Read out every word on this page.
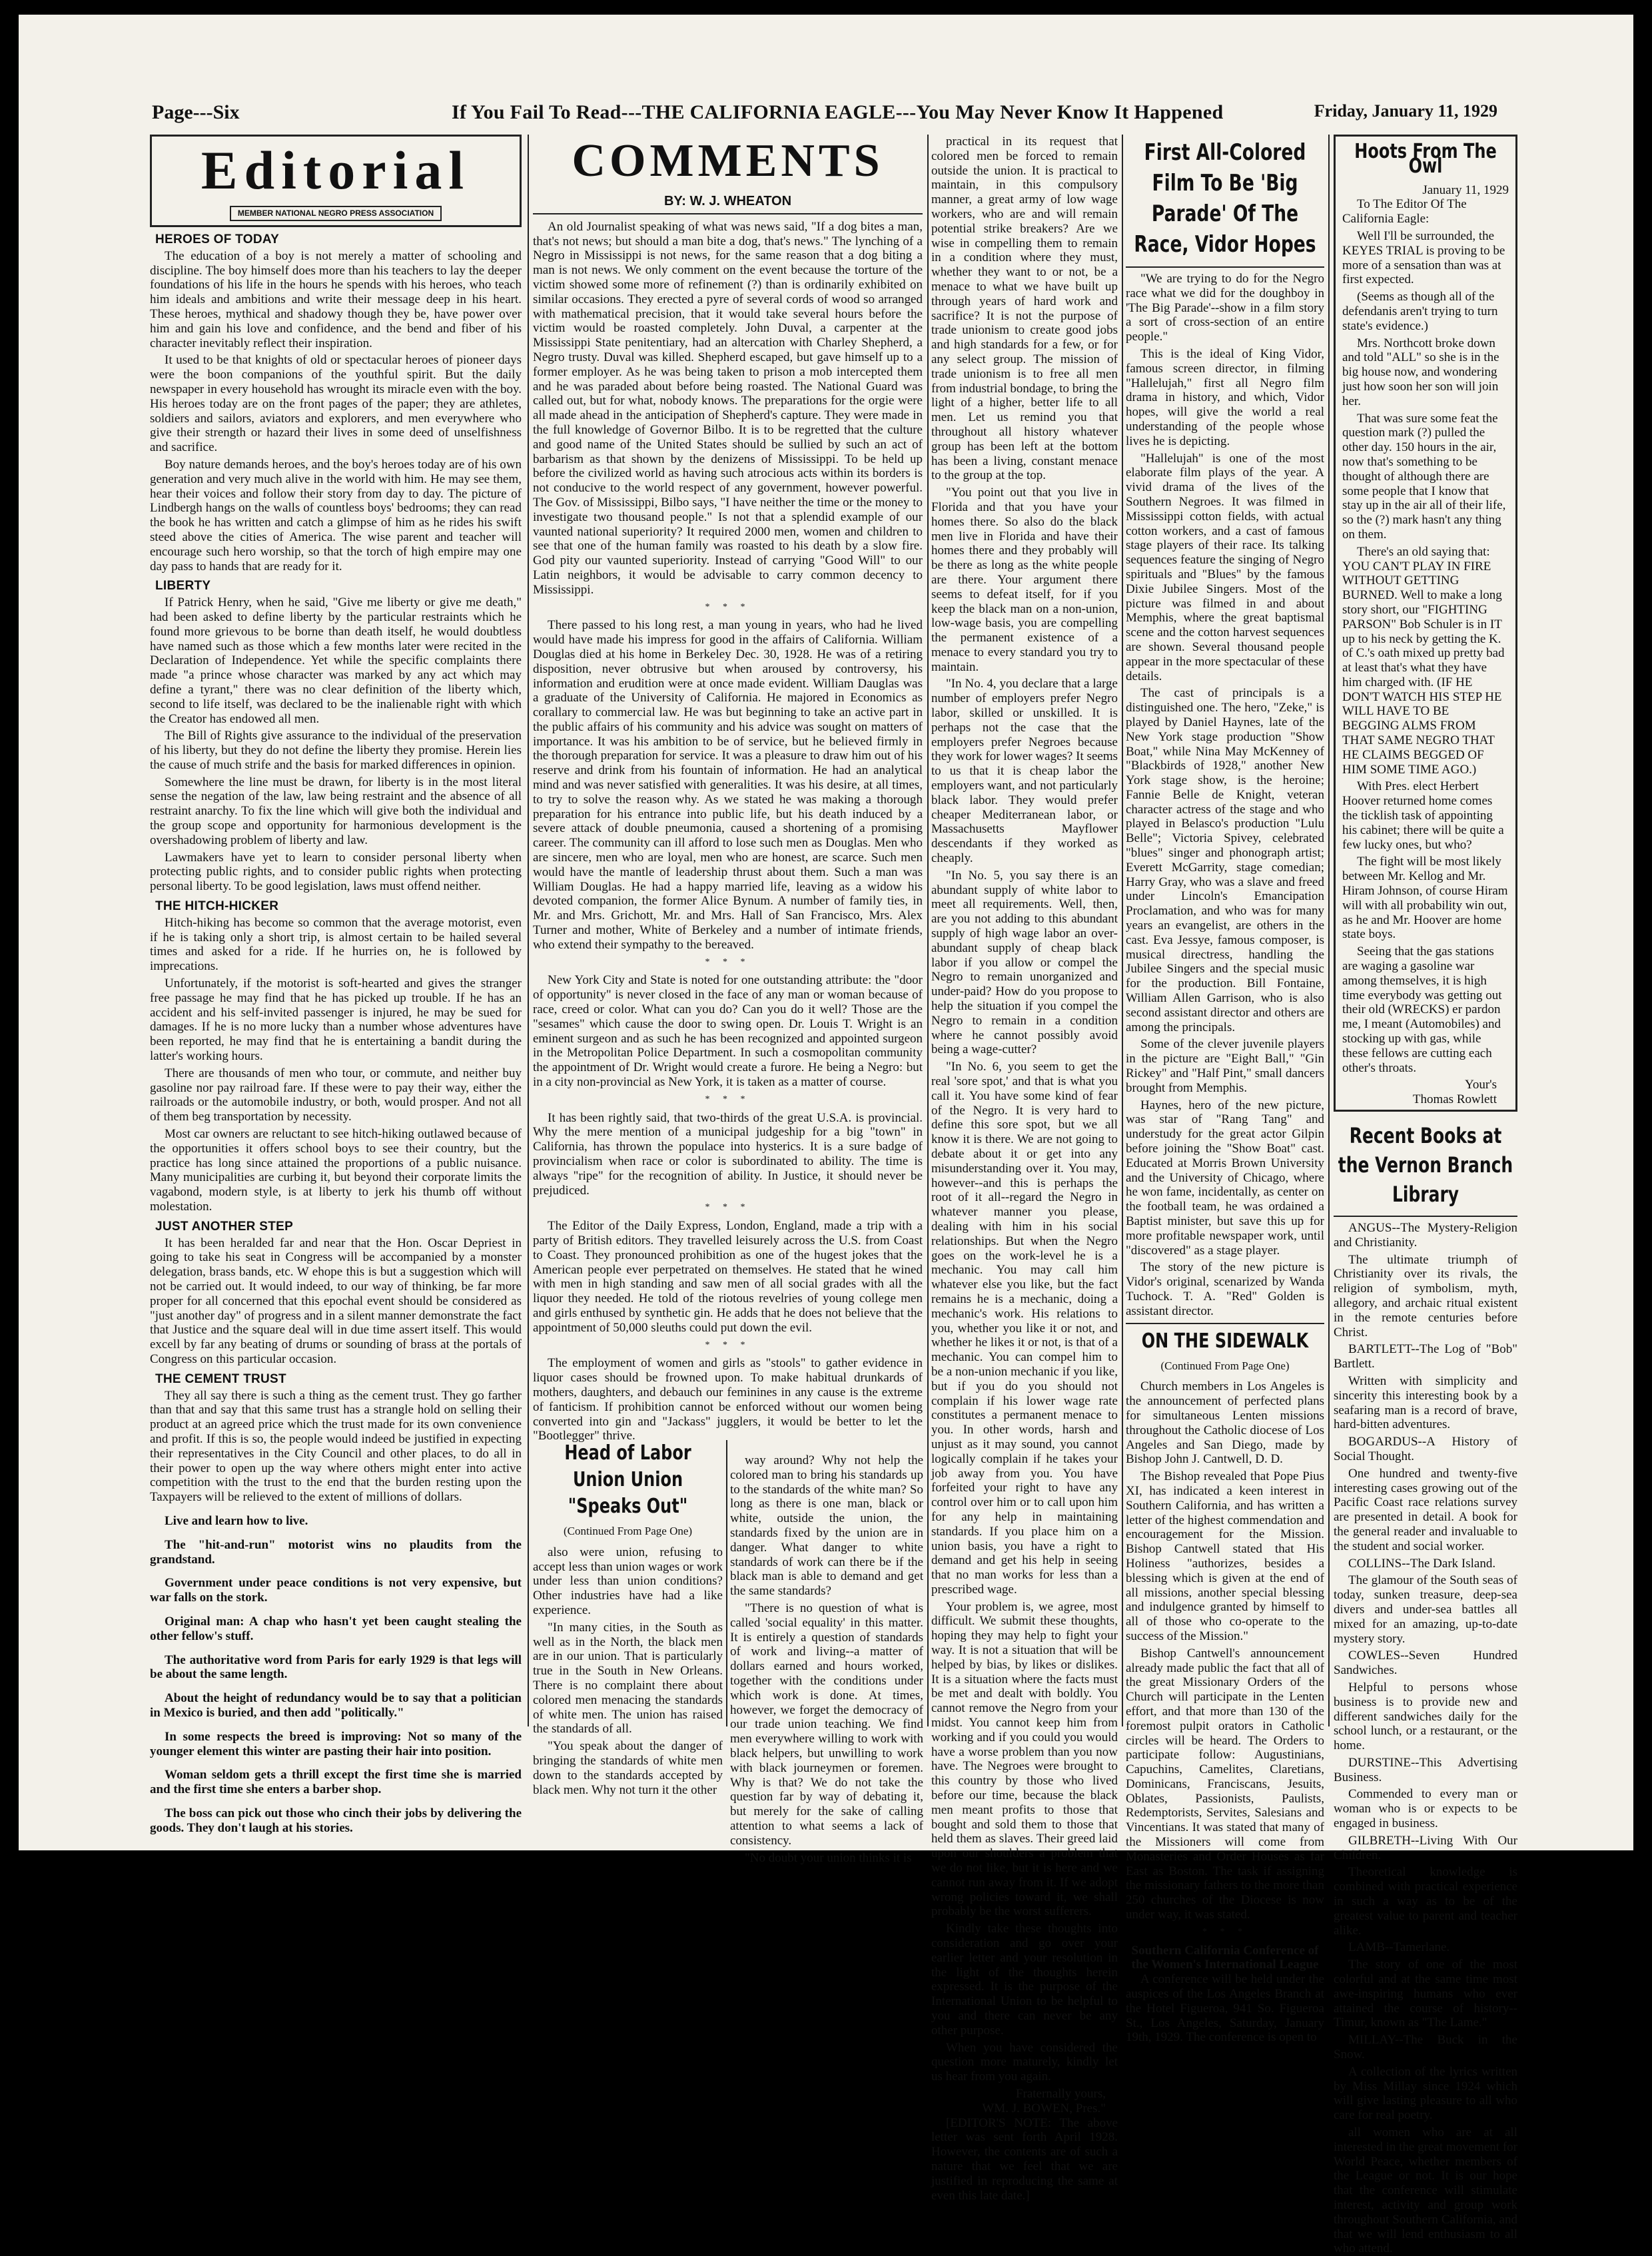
Page---Six	If You Fail To Read---THE CALIFORNIA EAGLE---You May Never Know It Happened	Friday, January 11, 1929
Editorial
MEMBER NATIONAL NEGRO PRESS ASSOCIATION
HEROES OF TODAY

The education of a boy is not merely a matter of schooling and discipline. The boy himself does more than his teachers to lay the deeper foundations of his life in the hours he spends with his heroes, who teach him ideals and ambitions and write their message deep in his heart. These heroes, mythical and shadowy though they be, have power over him and gain his love and confidence, and the bend and fiber of his character inevitably reflect their inspiration.

It used to be that knights of old or spectacular heroes of pioneer days were the boon companions of the youthful spirit. But the daily newspaper in every household has wrought its miracle even with the boy. His heroes today are on the front pages of the paper; they are athletes, soldiers and sailors, aviators and explorers, and men everywhere who give their strength or hazard their lives in some deed of unselfishness and sacrifice.

Boy nature demands heroes, and the boy's heroes today are of his own generation and very much alive in the world with him. He may see them, hear their voices and follow their story from day to day. The picture of Lindbergh hangs on the walls of countless boys' bedrooms; they can read the book he has written and catch a glimpse of him as he rides his swift steed above the cities of America. The wise parent and teacher will encourage such hero worship, so that the torch of high empire may one day pass to hands that are ready for it.

LIBERTY

If Patrick Henry, when he said, "Give me liberty or give me death," had been asked to define liberty by the particular restraints which he found more grievous to be borne than death itself, he would doubtless have named such as those which a few months later were recited in the Declaration of Independence. Yet while the specific complaints there made "a prince whose character was marked by any act which may define a tyrant," there was no clear definition of the liberty which, second to life itself, was declared to be the inalienable right with which the Creator has endowed all men.

The Bill of Rights give assurance to the individual of the preservation of his liberty, but they do not define the liberty they promise. Herein lies the cause of much strife and the basis for marked differences in opinion.

Somewhere the line must be drawn, for liberty is in the most literal sense the negation of the law, law being restraint and the absence of all restraint anarchy. To fix the line which will give both the individual and the group scope and opportunity for harmonious development is the overshadowing problem of liberty and law.

Lawmakers have yet to learn to consider personal liberty when protecting public rights, and to consider public rights when protecting personal liberty. To be good legislation, laws must offend neither.

THE HITCH-HICKER

Hitch-hiking has become so common that the average motorist, even if he is taking only a short trip, is almost certain to be hailed several times and asked for a ride. If he hurries on, he is followed by imprecations.

Unfortunately, if the motorist is soft-hearted and gives the stranger free passage he may find that he has picked up trouble. If he has an accident and his self-invited passenger is injured, he may be sued for damages. If he is no more lucky than a number whose adventures have been reported, he may find that he is entertaining a bandit during the latter's working hours.

There are thousands of men who tour, or commute, and neither buy gasoline nor pay railroad fare. If these were to pay their way, either the railroads or the automobile industry, or both, would prosper. And not all of them beg transportation by necessity.

Most car owners are reluctant to see hitch-hiking outlawed because of the opportunities it offers school boys to see their country, but the practice has long since attained the proportions of a public nuisance. Many municipalities are curbing it, but beyond their corporate limits the vagabond, modern style, is at liberty to jerk his thumb off without molestation.

JUST ANOTHER STEP

It has been heralded far and near that the Hon. Oscar Depriest in going to take his seat in Congress will be accompanied by a monster delegation, brass bands, etc. W ehope this is but a suggestion which will not be carried out. It would indeed, to our way of thinking, be far more proper for all concerned that this epochal event should be considered as "just another day" of progress and in a silent manner demonstrate the fact that Justice and the square deal will in due time assert itself. This would excell by far any beating of drums or sounding of brass at the portals of Congress on this particular occasion.

THE CEMENT TRUST

They all say there is such a thing as the cement trust. They go farther than that and say that this same trust has a strangle hold on selling their product at an agreed price which the trust made for its own convenience and profit. If this is so, the people would indeed be justified in expecting their representatives in the City Council and other places, to do all in their power to open up the way where others might enter into active competition with the trust to the end that the burden resting upon the Taxpayers will be relieved to the extent of millions of dollars.

Live and learn how to live.

The "hit-and-run" motorist wins no plaudits from the grandstand.

Government under peace conditions is not very expensive, but war falls on the stork.

Original man: A chap who hasn't yet been caught stealing the other fellow's stuff.

The authoritative word from Paris for early 1929 is that legs will be about the same length.

About the height of redundancy would be to say that a politician in Mexico is buried, and then add "politically."

In some respects the breed is improving: Not so many of the younger element this winter are pasting their hair into position.

Woman seldom gets a thrill except the first time she is married and the first time she enters a barber shop.

The boss can pick out those who cinch their jobs by delivering the goods. They don't laugh at his stories.

COMMENTS
BY: W. J. WHEATON

An old Journalist speaking of what was news said, "If a dog bites a man, that's not news; but should a man bite a dog, that's news." The lynching of a Negro in Mississippi is not news, for the same reason that a dog biting a man is not news. We only comment on the event because the torture of the victim showed some more of refinement (?) than is ordinarily exhibited on similar occasions. They erected a pyre of several cords of wood so arranged with mathematical precision, that it would take several hours before the victim would be roasted completely. John Duval, a carpenter at the Mississippi State penitentiary, had an altercation with Charley Shepherd, a Negro trusty. Duval was killed. Shepherd escaped, but gave himself up to a former employer. As he was being taken to prison a mob intercepted them and he was paraded about before being roasted. The National Guard was called out, but for what, nobody knows. The preparations for the orgie were all made ahead in the anticipation of Shepherd's capture. They were made in the full knowledge of Governor Bilbo. It is to be regretted that the culture and good name of the United States should be sullied by such an act of barbarism as that shown by the denizens of Mississippi. To be held up before the civilized world as having such atrocious acts within its borders is not conducive to the world respect of any government, however powerful. The Gov. of Mississippi, Bilbo says, "I have neither the time or the money to investigate two thousand people." Is not that a splendid example of our vaunted national superiority? It required 2000 men, women and children to see that one of the human family was roasted to his death by a slow fire. God pity our vaunted superiority. Instead of carrying "Good Will" to our Latin neighbors, it would be advisable to carry common decency to Mississippi.

* * *

There passed to his long rest, a man young in years, who had he lived would have made his impress for good in the affairs of California. William Douglas died at his home in Berkeley Dec. 30, 1928. He was of a retiring disposition, never obtrusive but when aroused by controversy, his information and erudition were at once made evident. William Dauglas was a graduate of the University of California. He majored in Economics as corallary to commercial law. He was but beginning to take an active part in the public affairs of his community and his advice was sought on matters of importance. It was his ambition to be of service, but he believed firmly in the thorough preparation for service. It was a pleasure to draw him out of his reserve and drink from his fountain of information. He had an analytical mind and was never satisfied with generalities. It was his desire, at all times, to try to solve the reason why. As we stated he was making a thorough preparation for his entrance into public life, but his death induced by a severe attack of double pneumonia, caused a shortening of a promising career. The community can ill afford to lose such men as Douglas. Men who are sincere, men who are loyal, men who are honest, are scarce. Such men would have the mantle of leadership thrust about them. Such a man was William Douglas. He had a happy married life, leaving as a widow his devoted companion, the former Alice Bynum. A number of family ties, in Mr. and Mrs. Grichott, Mr. and Mrs. Hall of San Francisco, Mrs. Alex Turner and mother, White of Berkeley and a number of intimate friends, who extend their sympathy to the bereaved.

* * *

New York City and State is noted for one outstanding attribute: the "door of opportunity" is never closed in the face of any man or woman because of race, creed or color. What can you do? Can you do it well? Those are the "sesames" which cause the door to swing open. Dr. Louis T. Wright is an eminent surgeon and as such he has been recognized and appointed surgeon in the Metropolitan Police Department. In such a cosmopolitan community the appointment of Dr. Wright would create a furore. He being a Negro: but in a city non-provincial as New York, it is taken as a matter of course.

* * *

It has been rightly said, that two-thirds of the great U.S.A. is provincial. Why the mere mention of a municipal judgeship for a big "town" in California, has thrown the populace into hysterics. It is a sure badge of provincialism when race or color is subordinated to ability. The time is always "ripe" for the recognition of ability. In Justice, it should never be prejudiced.

* * *

The Editor of the Daily Express, London, England, made a trip with a party of British editors. They travelled leisurely across the U.S. from Coast to Coast. They pronounced prohibition as one of the hugest jokes that the American people ever perpetrated on themselves. He stated that he wined with men in high standing and saw men of all social grades with all the liquor they needed. He told of the riotous revelries of young college men and girls enthused by synthetic gin. He adds that he does not believe that the appointment of 50,000 sleuths could put down the evil.

* * *

The employment of women and girls as "stools" to gather evidence in liquor cases should be frowned upon. To make habitual drunkards of mothers, daughters, and debauch our feminines in any cause is the extreme of fanticism. If prohibition cannot be enforced without our women being converted into gin and "Jackass" jugglers, it would be better to let the "Bootlegger" thrive.

Head of Labor Union Union "Speaks Out"
(Continued From Page One)

also were union, refusing to accept less than union wages or work under less than union conditions? Other industries have had a like experience.

"In many cities, in the South as well as in the North, the black men are in our union. That is particularly true in the South in New Orleans. There is no complaint there about colored men menacing the standards of white men. The union has raised the standards of all.

"You speak about the danger of bringing the standards of white men down to the standards accepted by black men. Why not turn it the other

way around? Why not help the colored man to bring his standards up to the standards of the white man? So long as there is one man, black or white, outside the union, the standards fixed by the union are in danger. What danger to white standards of work can there be if the black man is able to demand and get the same standards?

"There is no question of what is called 'social equality' in this matter. It is entirely a question of standards of work and living--a matter of dollars earned and hours worked, together with the conditions under which work is done. At times, however, we forget the democracy of our trade union teaching. We find men everywhere willing to work with black helpers, but unwilling to work with black journeymen or foremen. Why is that? We do not take the question far by way of debating it, but merely for the sake of calling attention to what seems a lack of consistency.

"No doubt your union thinks it is

practical in its request that colored men be forced to remain outside the union. It is practical to maintain, in this compulsory manner, a great army of low wage workers, who are and will remain potential strike breakers? Are we wise in compelling them to remain in a condition where they must, whether they want to or not, be a menace to what we have built up through years of hard work and sacrifice? It is not the purpose of trade unionism to create good jobs and high standards for a few, or for any select group. The mission of trade unionism is to free all men from industrial bondage, to bring the light of a higher, better life to all men. Let us remind you that throughout all history whatever group has been left at the bottom has been a living, constant menace to the group at the top.

"You point out that you live in Florida and that you have your homes there. So also do the black men live in Florida and have their homes there and they probably will be there as long as the white people are there. Your argument there seems to defeat itself, for if you keep the black man on a non-union, low-wage basis, you are compelling the permanent existence of a menace to every standard you try to maintain.

"In No. 4, you declare that a large number of employers prefer Negro labor, skilled or unskilled. It is perhaps not the case that the employers prefer Negroes because they work for lower wages? It seems to us that it is cheap labor the employers want, and not particularly black labor. They would prefer cheaper Mediterranean labor, or Massachusetts Mayflower descendants if they worked as cheaply.

"In No. 5, you say there is an abundant supply of white labor to meet all requirements. Well, then, are you not adding to this abundant supply of high wage labor an over-abundant supply of cheap black labor if you allow or compel the Negro to remain unorganized and under-paid? How do you propose to help the situation if you compel the Negro to remain in a condition where he cannot possibly avoid being a wage-cutter?

"In No. 6, you seem to get the real 'sore spot,' and that is what you call it. You have some kind of fear of the Negro. It is very hard to define this sore spot, but we all know it is there. We are not going to debate about it or get into any misunderstanding over it. You may, however--and this is perhaps the root of it all--regard the Negro in whatever manner you please, dealing with him in his social relationships. But when the Negro goes on the work-level he is a mechanic. You may call him whatever else you like, but the fact remains he is a mechanic, doing a mechanic's work. His relations to you, whether you like it or not, and whether he likes it or not, is that of a mechanic. You can compel him to be a non-union mechanic if you like, but if you do you should not complain if his lower wage rate constitutes a permanent menace to you. In other words, harsh and unjust as it may sound, you cannot logically complain if he takes your job away from you. You have forfeited your right to have any control over him or to call upon him for any help in maintaining standards. If you place him on a union basis, you have a right to demand and get his help in seeing that no man works for less than a prescribed wage.

Your problem is, we agree, most difficult. We submit these thoughts, hoping they may help to fight your way. It is not a situation that will be helped by bias, by likes or dislikes. It is a situation where the facts must be met and dealt with boldly. You cannot remove the Negro from your midst. You cannot keep him from working and if you could you would have a worse problem than you now have. The Negroes were brought to this country by those who lived before our time, because the black men meant profits to those that bought and sold them to those that held them as slaves. Their greed laid upon our shoulders a problem that we do not like, but it is here and we cannot run away from it. If we adopt wrong policies toward it, we shall probably be the worst sufferers.

Kindly take these thoughts into consideration and go over your earlier letter and your resolution in the light of the thoughts herein expressed. It is the purpose of the International Union to be helpful to you and there can never be any other purpose.

When you have considered the question more maturely, kindly let us hear from you again.

Fraternally yours,
WM. J. BOWEN, Pres."

[EDITOR'S NOTE: The above letter was sent forth April 1928. However, the contents are of such a nature that we feel that we are justified in reproducing the same at even this late date.]

First All-Colored Film To Be 'Big Parade' Of The Race, Vidor Hopes

"We are trying to do for the Negro race what we did for the doughboy in 'The Big Parade'--show in a film story a sort of cross-section of an entire people."

This is the ideal of King Vidor, famous screen director, in filming "Hallelujah," first all Negro film drama in history, and which, Vidor hopes, will give the world a real understanding of the people whose lives he is depicting.

"Hallelujah" is one of the most elaborate film plays of the year. A vivid drama of the lives of the Southern Negroes. It was filmed in Mississippi cotton fields, with actual cotton workers, and a cast of famous stage players of their race. Its talking sequences feature the singing of Negro spirituals and "Blues" by the famous Dixie Jubilee Singers. Most of the picture was filmed in and about Memphis, where the great baptismal scene and the cotton harvest sequences are shown. Several thousand people appear in the more spectacular of these details.

The cast of principals is a distinguished one. The hero, "Zeke," is played by Daniel Haynes, late of the New York stage production "Show Boat," while Nina May McKenney of "Blackbirds of 1928," another New York stage show, is the heroine; Fannie Belle de Knight, veteran character actress of the stage and who played in Belasco's production "Lulu Belle"; Victoria Spivey, celebrated "blues" singer and phonograph artist; Everett McGarrity, stage comedian; Harry Gray, who was a slave and freed under Lincoln's Emancipation Proclamation, and who was for many years an evangelist, are others in the cast. Eva Jessye, famous composer, is musical directress, handling the Jubilee Singers and the special music for the production. Bill Fontaine, William Allen Garrison, who is also second assistant director and others are among the principals.

Some of the clever juvenile players in the picture are "Eight Ball," "Gin Rickey" and "Half Pint," small dancers brought from Memphis.

Haynes, hero of the new picture, was star of "Rang Tang" and understudy for the great actor Gilpin before joining the "Show Boat" cast. Educated at Morris Brown University and the University of Chicago, where he won fame, incidentally, as center on the football team, he was ordained a Baptist minister, but save this up for more profitable newspaper work, until "discovered" as a stage player.

The story of the new picture is Vidor's original, scenarized by Wanda Tuchock. T. A. "Red" Golden is assistant director.

ON THE SIDEWALK
(Continued From Page One)

Church members in Los Angeles is the announcement of perfected plans for simultaneous Lenten missions throughout the Catholic diocese of Los Angeles and San Diego, made by Bishop John J. Cantwell, D. D.

The Bishop revealed that Pope Pius XI, has indicated a keen interest in Southern California, and has written a letter of the highest commendation and encouragement for the Mission. Bishop Cantwell stated that His Holiness "authorizes, besides a blessing which is given at the end of all missions, another special blessing and indulgence granted by himself to all of those who co-operate to the success of the Mission."

Bishop Cantwell's announcement already made public the fact that all of the great Missionary Orders of the Church will participate in the Lenten effort, and that more than 130 of the foremost pulpit orators in Catholic circles will be heard. The Orders to participate follow: Augustinians, Capuchins, Camelites, Claretians, Dominicans, Franciscans, Jesuits, Oblates, Passionists, Paulists, Redemptorists, Servites, Salesians and Vincentians. It was stated that many of the Missioners will come from Monasteries and Order Houses as far East as Boston. The task if assigning the missionary fathers to the more than 250 churches of the Diocese is now under way, it was stated.

* * *
Southern California Conference of the Women's International League

A conference will be held under the auspices of the Los Angeles Branch at the Hotel Figueroa, 941 So. Figueroa St., Los Angeles, Saturday, January 19th, 1929. The conference is open to

Hoots From The Owl
January 11, 1929

To The Editor Of The California Eagle:

Well I'll be surrounded, the KEYES TRIAL is proving to be more of a sensation than was at first expected.

(Seems as though all of the defendanis aren't trying to turn state's evidence.)

Mrs. Northcott broke down and told "ALL" so she is in the big house now, and wondering just how soon her son will join her.

That was sure some feat the question mark (?) pulled the other day. 150 hours in the air, now that's something to be thought of although there are some people that I know that stay up in the air all of their life, so the (?) mark hasn't any thing on them.

There's an old saying that: YOU CAN'T PLAY IN FIRE WITHOUT GETTING BURNED. Well to make a long story short, our "FIGHTING PARSON" Bob Schuler is in IT up to his neck by getting the K. of C.'s oath mixed up pretty bad at least that's what they have him charged with. (IF HE DON'T WATCH HIS STEP HE WILL HAVE TO BE BEGGING ALMS FROM THAT SAME NEGRO THAT HE CLAIMS BEGGED OF HIM SOME TIME AGO.)

With Pres. elect Herbert Hoover returned home comes the ticklish task of appointing his cabinet; there will be quite a few lucky ones, but who?

The fight will be most likely between Mr. Kellog and Mr. Hiram Johnson, of course Hiram will with all probability win out, as he and Mr. Hoover are home state boys.

Seeing that the gas stations are waging a gasoline war among themselves, it is high time everybody was getting out their old (WRECKS) er pardon me, I meant (Automobiles) and stocking up with gas, while these fellows are cutting each other's throats.

Your's
Thomas Rowlett
Recent Books at the Vernon Branch Library

ANGUS--The Mystery-Religion and Christianity.

The ultimate triumph of Christianity over its rivals, the religion of symbolism, myth, allegory, and archaic ritual existent in the remote centuries before Christ.

BARTLETT--The Log of "Bob" Bartlett.

Written with simplicity and sincerity this interesting book by a seafaring man is a record of brave, hard-bitten adventures.

BOGARDUS--A History of Social Thought.

One hundred and twenty-five interesting cases growing out of the Pacific Coast race relations survey are presented in detail. A book for the general reader and invaluable to the student and social worker.

COLLINS--The Dark Island.

The glamour of the South seas of today, sunken treasure, deep-sea divers and under-sea battles all mixed for an amazing, up-to-date mystery story.

COWLES--Seven Hundred Sandwiches.

Helpful to persons whose business is to provide new and different sandwiches daily for the school lunch, or a restaurant, or the home.

DURSTINE--This Advertising Business.

Commended to every man or woman who is or expects to be engaged in business.

GILBRETH--Living With Our Children.

Theoretical knowledge is combined with practical experience in such a way as to be of the greatest value to parent and teacher alike.

LAMB--Tamerlane.

The story of one of the most colorful and at the same time most awe-inspiring humans who ever attained the course of history--Timur, known as "The Lame."

MILLAY--The Buck in the Snow.

A collection of the lyrics written by Miss Millay since 1924 which will give lasting pleasure to all who care for real poetry.

all women who are at all interested in the great movement for World Peace, whether members of the League or not. It is our hope that the conference will stimulate interest, activity and group work throughout Southern California, and that we will lend enthusiasm to all who attend.
